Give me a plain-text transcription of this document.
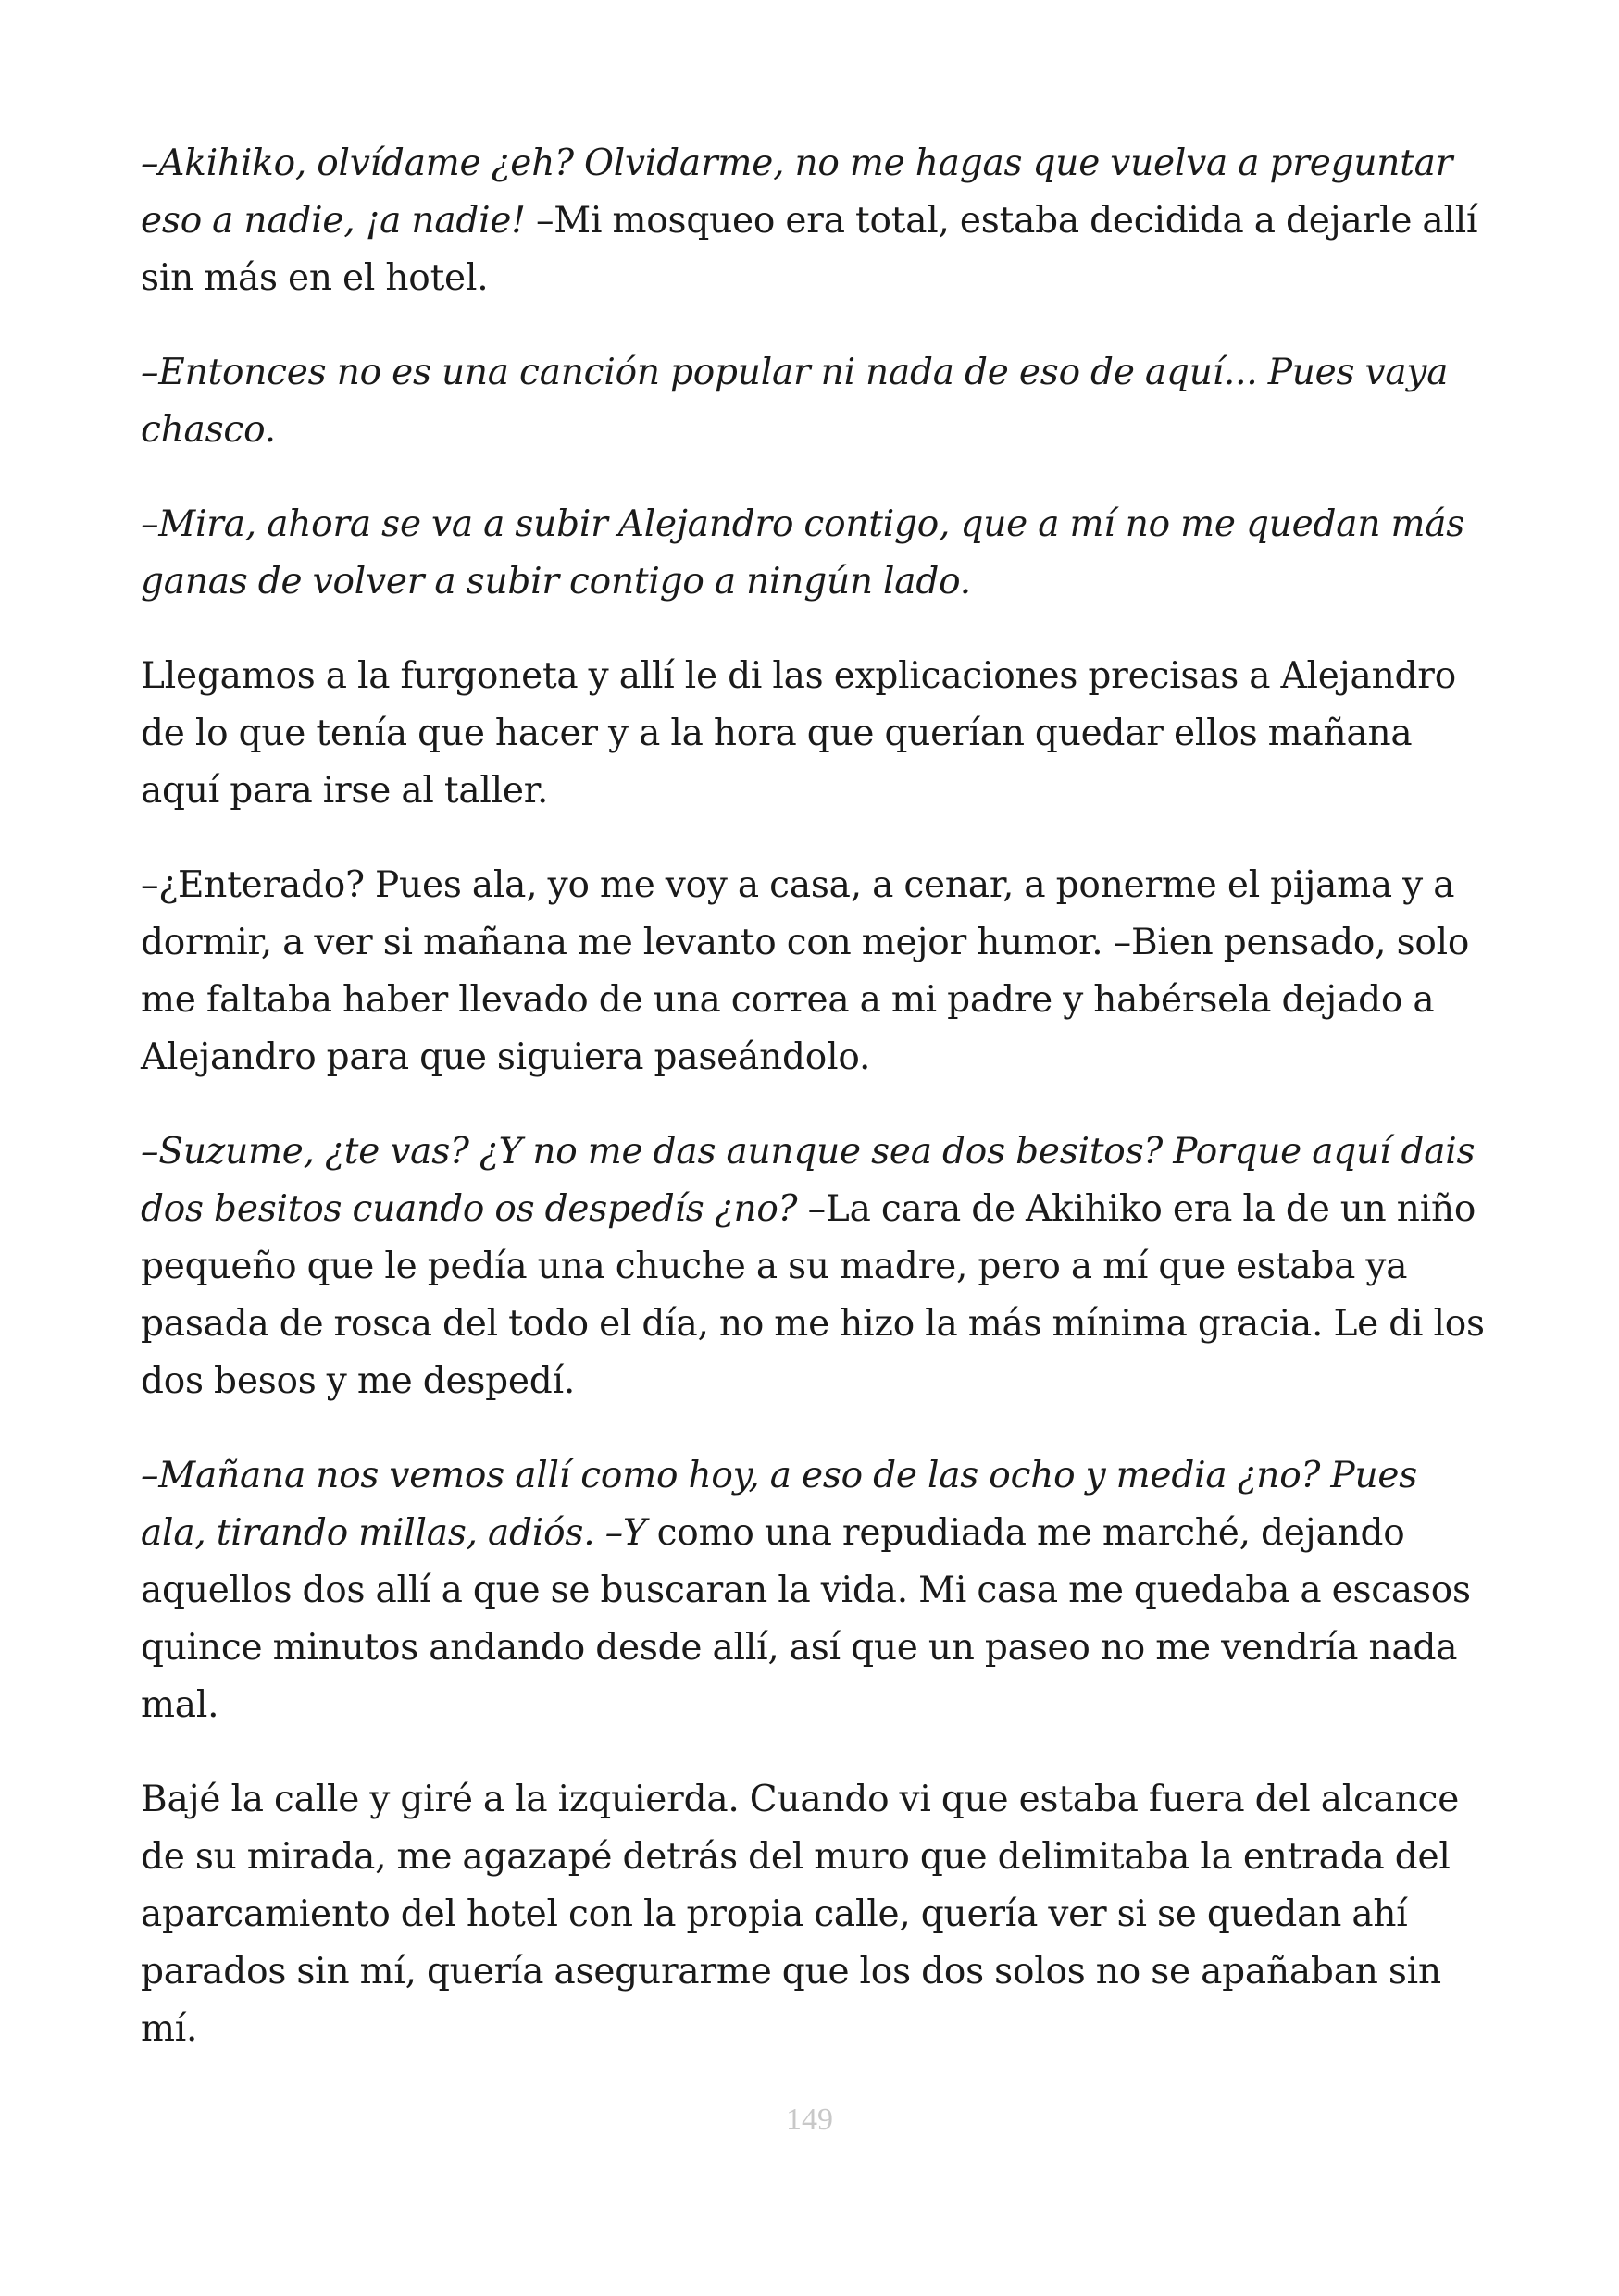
–Akihiko, olvídame ¿eh? Olvidarme, no me hagas que vuelva a preguntar eso a nadie, ¡a nadie! –Mi mosqueo era total, estaba decidida a dejarle allí sin más en el hotel.

–Entonces no es una canción popular ni nada de eso de aquí... Pues vaya chasco.

–Mira, ahora se va a subir Alejandro contigo, que a mí no me quedan más ganas de volver a subir contigo a ningún lado.

Llegamos a la furgoneta y allí le di las explicaciones precisas a Alejandro de lo que tenía que hacer y a la hora que querían quedar ellos mañana aquí para irse al taller.

–¿Enterado? Pues ala, yo me voy a casa, a cenar, a ponerme el pijama y a dormir, a ver si mañana me levanto con mejor humor. –Bien pensado, solo me faltaba haber llevado de una correa a mi padre y habérsela dejado a Alejandro para que siguiera paseándolo.

–Suzume, ¿te vas? ¿Y no me das aunque sea dos besitos? Porque aquí dais dos besitos cuando os despedís ¿no? –La cara de Akihiko era la de un niño pequeño que le pedía una chuche a su madre, pero a mí que estaba ya pasada de rosca del todo el día, no me hizo la más mínima gracia. Le di los dos besos y me despedí.

–Mañana nos vemos allí como hoy, a eso de las ocho y media ¿no? Pues ala, tirando millas, adiós. –Y como una repudiada me marché, dejando aquellos dos allí a que se buscaran la vida. Mi casa me quedaba a escasos quince minutos andando desde allí, así que un paseo no me vendría nada mal.

Bajé la calle y giré a la izquierda. Cuando vi que estaba fuera del alcance de su mirada, me agazapé detrás del muro que delimitaba la entrada del aparcamiento del hotel con la propia calle, quería ver si se quedan ahí parados sin mí, quería asegurarme que los dos solos no se apañaban sin mí.

149
